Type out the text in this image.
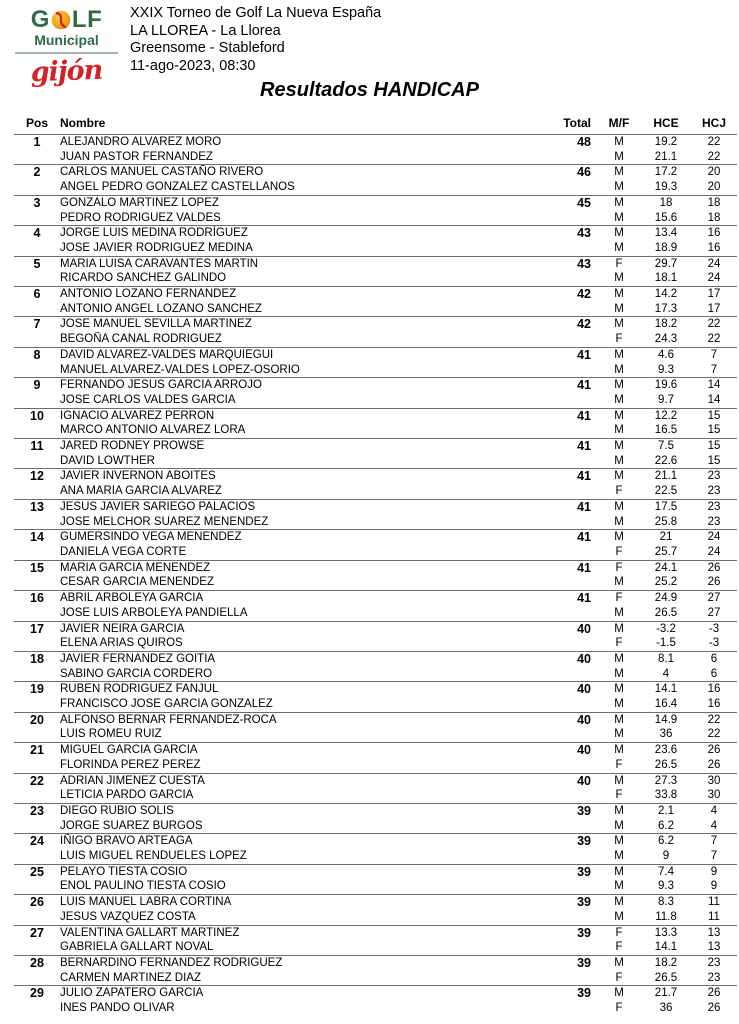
G LF
Municipal
gijón
XXIX Torneo de Golf La Nueva España
LA LLOREA - La Llorea
Greensome - Stableford
11-ago-2023, 08:30
Resultados HANDICAP
Pos	Nombre	Total	M/F	HCE	HCJ
1	ALEJANDRO ALVAREZ MORO	48	M	19.2	22
	JUAN PASTOR FERNANDEZ		M	21.1	22
2	CARLOS MANUEL CASTAÑO RIVERO	46	M	17.2	20
	ANGEL PEDRO GONZALEZ CASTELLANOS		M	19.3	20
3	GONZALO MARTINEZ LOPEZ	45	M	18	18
	PEDRO RODRIGUEZ VALDES		M	15.6	18
4	JORGE LUIS MEDINA RODRÍGUEZ	43	M	13.4	16
	JOSE JAVIER RODRIGUEZ MEDINA		M	18.9	16
5	MARIA LUISA CARAVANTES MARTIN	43	F	29.7	24
	RICARDO SANCHEZ GALINDO		M	18.1	24
6	ANTONIO LOZANO FERNANDEZ	42	M	14.2	17
	ANTONIO ANGEL LOZANO SANCHEZ		M	17.3	17
7	JOSE MANUEL SEVILLA MARTINEZ	42	M	18.2	22
	BEGOÑA CANAL RODRIGUEZ		F	24.3	22
8	DAVID ALVAREZ-VALDES MARQUIEGUI	41	M	4.6	7
	MANUEL ALVAREZ-VALDES LOPEZ-OSORIO		M	9.3	7
9	FERNANDO JESUS GARCIA ARROJO	41	M	19.6	14
	JOSE CARLOS VALDES GARCIA		M	9.7	14
10	IGNACIO ALVAREZ PERRON	41	M	12.2	15
	MARCO ANTONIO ALVAREZ LORA		M	16.5	15
11	JARED RODNEY PROWSE	41	M	7.5	15
	DAVID LOWTHER		M	22.6	15
12	JAVIER INVERNON ABOITES	41	M	21.1	23
	ANA MARIA GARCIA ALVAREZ		F	22.5	23
13	JESUS JAVIER SARIEGO PALACIOS	41	M	17.5	23
	JOSE MELCHOR SUAREZ MENENDEZ		M	25.8	23
14	GUMERSINDO VEGA MENENDEZ	41	M	21	24
	DANIELA VEGA CORTE		F	25.7	24
15	MARIA GARCIA MENENDEZ	41	F	24.1	26
	CESAR GARCIA MENENDEZ		M	25.2	26
16	ABRIL ARBOLEYA GARCIA	41	F	24.9	27
	JOSE LUIS ARBOLEYA PANDIELLA		M	26.5	27
17	JAVIER NEIRA GARCIA	40	M	-3.2	-3
	ELENA ARIAS QUIROS		F	-1.5	-3
18	JAVIER FERNANDEZ GOITIA	40	M	8.1	6
	SABINO GARCIA CORDERO		M	4	6
19	RUBEN RODRIGUEZ FANJUL	40	M	14.1	16
	FRANCISCO JOSE GARCIA GONZALEZ		M	16.4	16
20	ALFONSO BERNAR FERNANDEZ-ROCA	40	M	14.9	22
	LUIS ROMEU RUIZ		M	36	22
21	MIGUEL GARCIA GARCIA	40	M	23.6	26
	FLORINDA PEREZ PEREZ		F	26.5	26
22	ADRIAN JIMENEZ CUESTA	40	M	27.3	30
	LETICIA PARDO GARCIA		F	33.8	30
23	DIEGO RUBIO SOLIS	39	M	2.1	4
	JORGE SUAREZ BURGOS		M	6.2	4
24	IÑIGO BRAVO ARTEAGA	39	M	6.2	7
	LUIS MIGUEL RENDUELES LOPEZ		M	9	7
25	PELAYO TIESTA COSIO	39	M	7.4	9
	ENOL PAULINO TIESTA COSIO		M	9.3	9
26	LUIS MANUEL LABRA CORTINA	39	M	8.3	11
	JESUS VAZQUEZ COSTA		M	11.8	11
27	VALENTINA GALLART MARTINEZ	39	F	13.3	13
	GABRIELA GALLART NOVAL		F	14.1	13
28	BERNARDINO FERNANDEZ RODRIGUEZ	39	M	18.2	23
	CARMEN MARTINEZ DIAZ		F	26.5	23
29	JULIO ZAPATERO GARCIA	39	M	21.7	26
	INES PANDO OLIVAR		F	36	26
